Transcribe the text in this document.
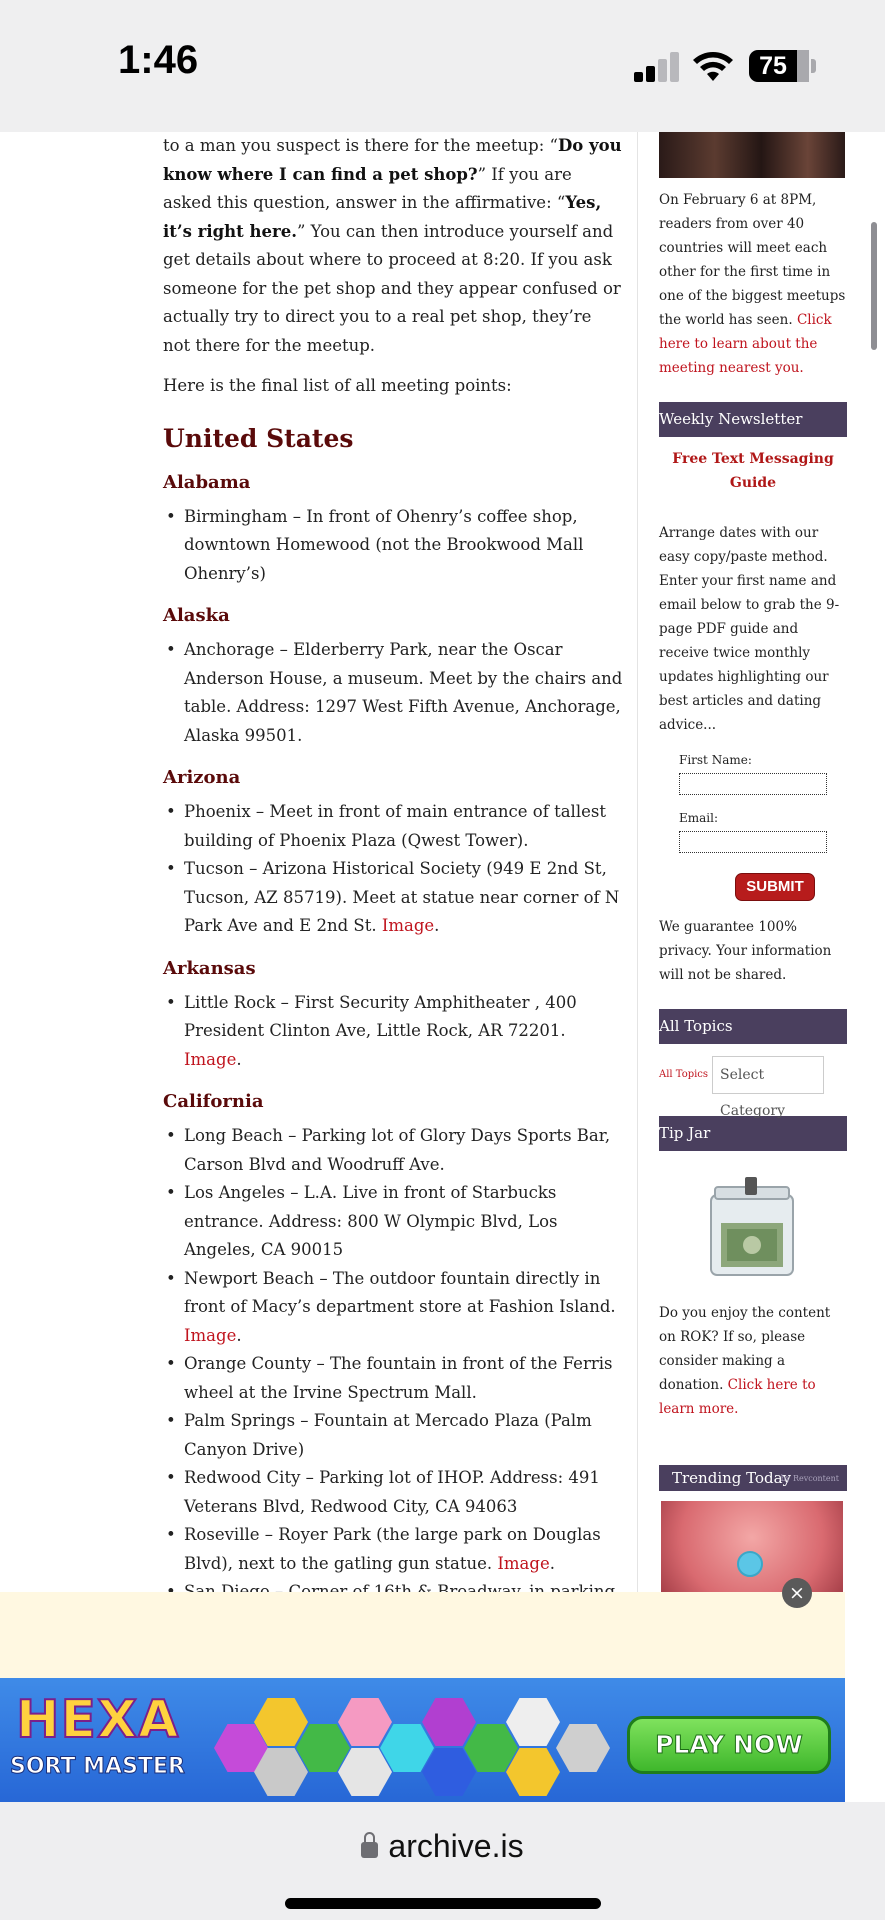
1:46	75

to a man you suspect is there for the meetup: “Do you know where I can find a pet shop?” If you are asked this question, answer in the affirmative: “Yes, it’s right here.” You can then introduce yourself and get details about where to proceed at 8:20. If you ask someone for the pet shop and they appear confused or actually try to direct you to a real pet shop, they’re not there for the meetup.

Here is the final list of all meeting points:

United States
Alabama
• Birmingham – In front of Ohenry’s coffee shop, downtown Homewood (not the Brookwood Mall Ohenry’s)
Alaska
• Anchorage – Elderberry Park, near the Oscar Anderson House, a museum. Meet by the chairs and table. Address: 1297 West Fifth Avenue, Anchorage, Alaska 99501.
Arizona
• Phoenix – Meet in front of main entrance of tallest building of Phoenix Plaza (Qwest Tower).
• Tucson – Arizona Historical Society (949 E 2nd St, Tucson, AZ 85719). Meet at statue near corner of N Park Ave and E 2nd St. Image.
Arkansas
• Little Rock – First Security Amphitheater , 400 President Clinton Ave, Little Rock, AR 72201. Image.
California
• Long Beach – Parking lot of Glory Days Sports Bar, Carson Blvd and Woodruff Ave.
• Los Angeles – L.A. Live in front of Starbucks entrance. Address: 800 W Olympic Blvd, Los Angeles, CA 90015
• Newport Beach – The outdoor fountain directly in front of Macy’s department store at Fashion Island. Image.
• Orange County – The fountain in front of the Ferris wheel at the Irvine Spectrum Mall.
• Palm Springs – Fountain at Mercado Plaza (Palm Canyon Drive)
• Redwood City – Parking lot of IHOP. Address: 491 Veterans Blvd, Redwood City, CA 94063
• Roseville – Royer Park (the large park on Douglas Blvd), next to the gatling gun statue. Image.
•
•
•
On February 6 at 8PM, readers from over 40 countries will meet each other for the first time in one of the biggest meetups the world has seen. Click here to learn about the meeting nearest you.
Weekly Newsletter
Free Text Messaging Guide
Arrange dates with our easy copy/paste method. Enter your first name and email below to grab the 9-page PDF guide and receive twice monthly updates highlighting our best articles and dating advice...
First Name:
Email:
SUBMIT
We guarantee 100% privacy. Your information will not be shared.
All Topics
All Topics Select Category
Tip Jar
Do you enjoy the content on ROK? If so, please consider making a donation. Click here to learn more.
Trending Today
by Revcontent
×
HEXA
SORT MASTER
PLAY NOW
archive.is
